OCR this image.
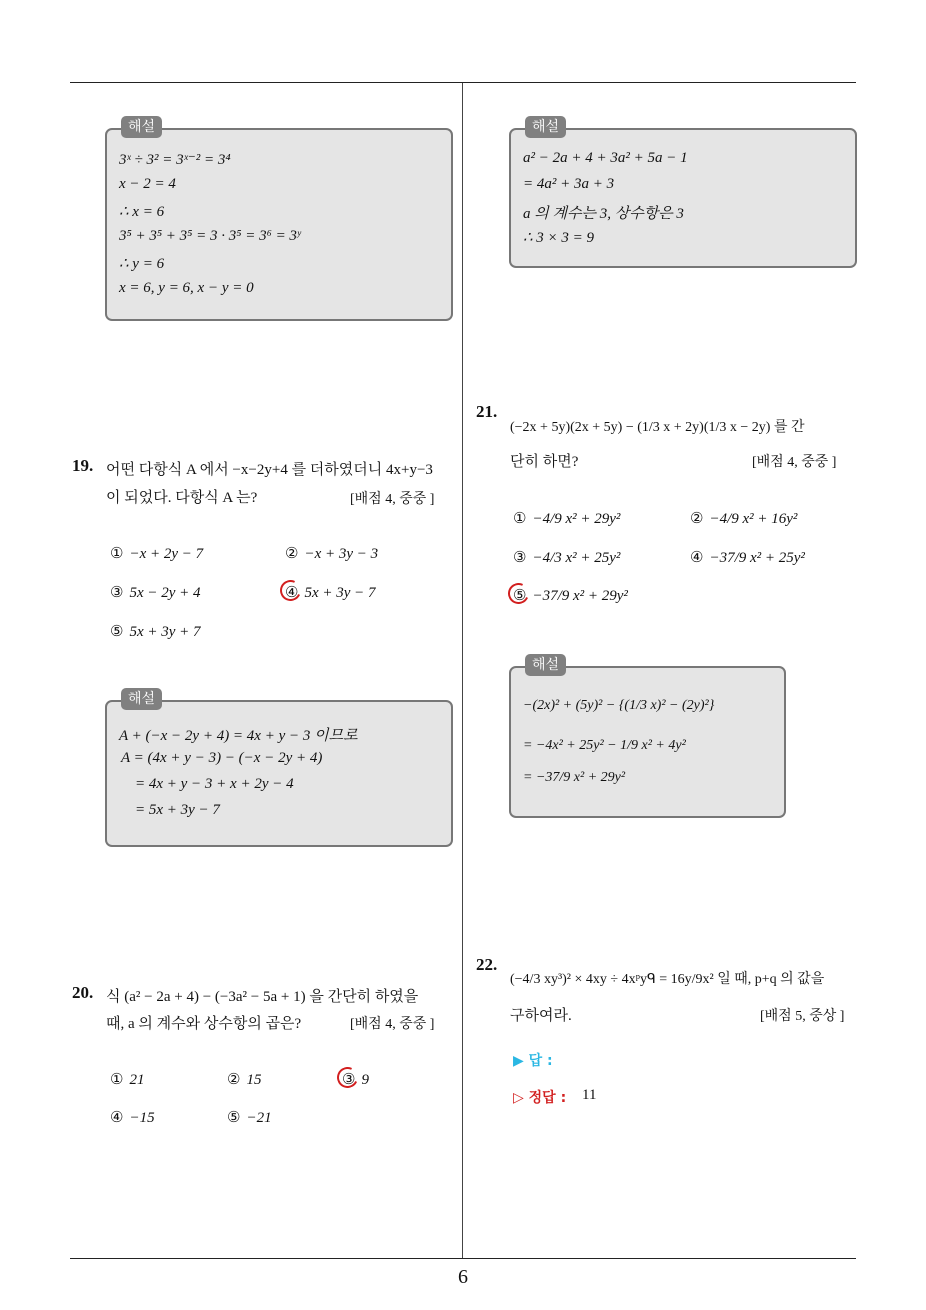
해설
3ˣ ÷ 3² = 3ˣ⁻² = 3⁴
x − 2 = 4
∴ x = 6
3⁵ + 3⁵ + 3⁵ = 3 · 3⁵ = 3⁶ = 3ʸ
∴ y = 6
x = 6, y = 6, x − y = 0
해설
a² − 2a + 4 + 3a² + 5a − 1
= 4a² + 3a + 3
a 의 계수는 3, 상수항은 3
∴ 3 × 3 = 9
19. 어떤 다항식 A 에서 −x−2y+4 를 더하였더니 4x+y−3
이 되었다. 다항식 A 는?	[배점 4, 중중 ]
① −x + 2y − 7	② −x + 3y − 3
③ 5x − 2y + 4	④ 5x + 3y − 7
⑤ 5x + 3y + 7
해설
A + (−x − 2y + 4) = 4x + y − 3 이므로
A = (4x + y − 3) − (−x − 2y + 4)
= 4x + y − 3 + x + 2y − 4
= 5x + 3y − 7
20. 식 (a² − 2a + 4) − (−3a² − 5a + 1) 을 간단히 하였을
때, a 의 계수와 상수항의 곱은?	[배점 4, 중중 ]
① 21	② 15	③ 9
④ −15	⑤ −21
21.
(−2x + 5y)(2x + 5y) − (1/3 x + 2y)(1/3 x − 2y) 를 간
단히 하면?	[배점 4, 중중 ]
① −4/9 x² + 29y²	② −4/9 x² + 16y²
③ −4/3 x² + 25y²	④ −37/9 x² + 25y²
⑤ −37/9 x² + 29y²
해설
−(2x)² + (5y)² − {(1/3 x)² − (2y)²}
= −4x² + 25y² − 1/9 x² + 4y²
= −37/9 x² + 29y²
22.
(−4/3 xy³)² × 4xy ÷ 4xᵖyᑫ = 16y/9x² 일 때, p+q 의 값을
구하여라.	[배점 5, 중상 ]
▶ 답 :
▷ 정답 : 11
6
